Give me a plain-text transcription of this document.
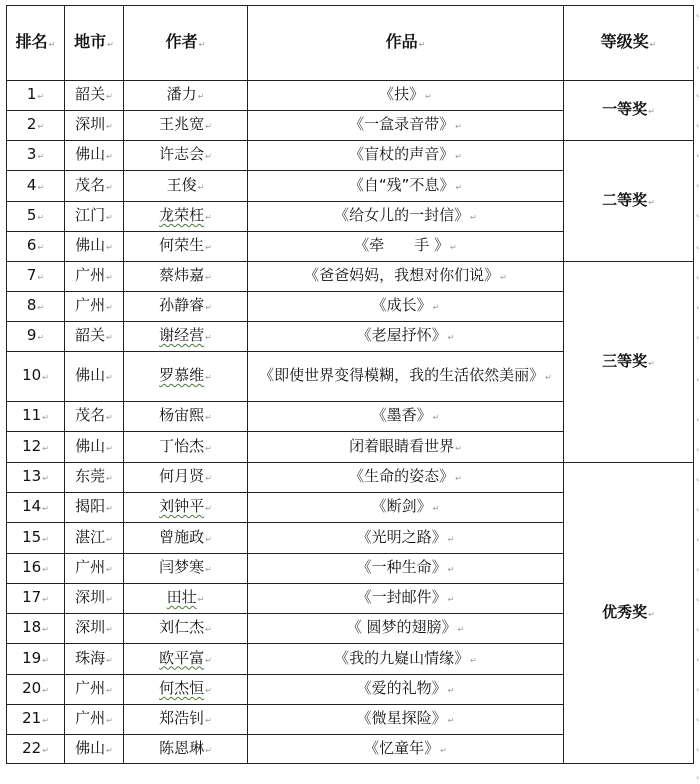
排名↵	地市↵	作者↵	作品↵	等级奖↵
1↵	韶关↵	潘力↵	《扶》↵	一等奖↵
2↵	深圳↵	王兆宽↵	《一盒录音带》↵	
3↵	佛山↵	许志会↵	《盲杖的声音》↵	二等奖↵
4↵	茂名↵	王俊↵	《自“残”不息》↵	
5↵	江门↵	龙荣枉↵	《给女儿的一封信》↵	
6↵	佛山↵	何荣生↵	《牵　　手 》↵	
7↵	广州↵	蔡炜嘉↵	《爸爸妈妈，我想对你们说》↵	三等奖↵
8↵	广州↵	孙静睿↵	《成长》↵	
9↵	韶关↵	谢经营↵	《老屋抒怀》↵	
10↵	佛山↵	罗慕维↵	《即使世界变得模糊，我的生活依然美丽》↵	
11↵	茂名↵	杨宙熙↵	《墨香》↵	
12↵	佛山↵	丁怡杰↵	闭着眼睛看世界↵	
13↵	东莞↵	何月贤↵	《生命的姿态》↵	优秀奖↵
14↵	揭阳↵	刘钟平↵	《断剑》↵	
15↵	湛江↵	曾施政↵	《光明之路》↵	
16↵	广州↵	闫梦寒↵	《一种生命》↵	
17↵	深圳↵	田壮↵	《一封邮件》↵	
18↵	深圳↵	刘仁杰↵	《 圆梦的翅膀》↵	
19↵	珠海↵	欧平富↵	《我的九嶷山情缘》↵	
20↵	广州↵	何杰恒↵	《爱的礼物》↵	
21↵	广州↵	郑浩钊↵	《微星探险》↵	
22↵	佛山↵	陈恩琳↵	《忆童年》↵	
‹
‹
‹
‹
‹
‹
‹
‹
‹
‹
‹
‹
‹
‹
‹
‹
‹
‹
‹
‹
‹
‹
‹
‹
‹
